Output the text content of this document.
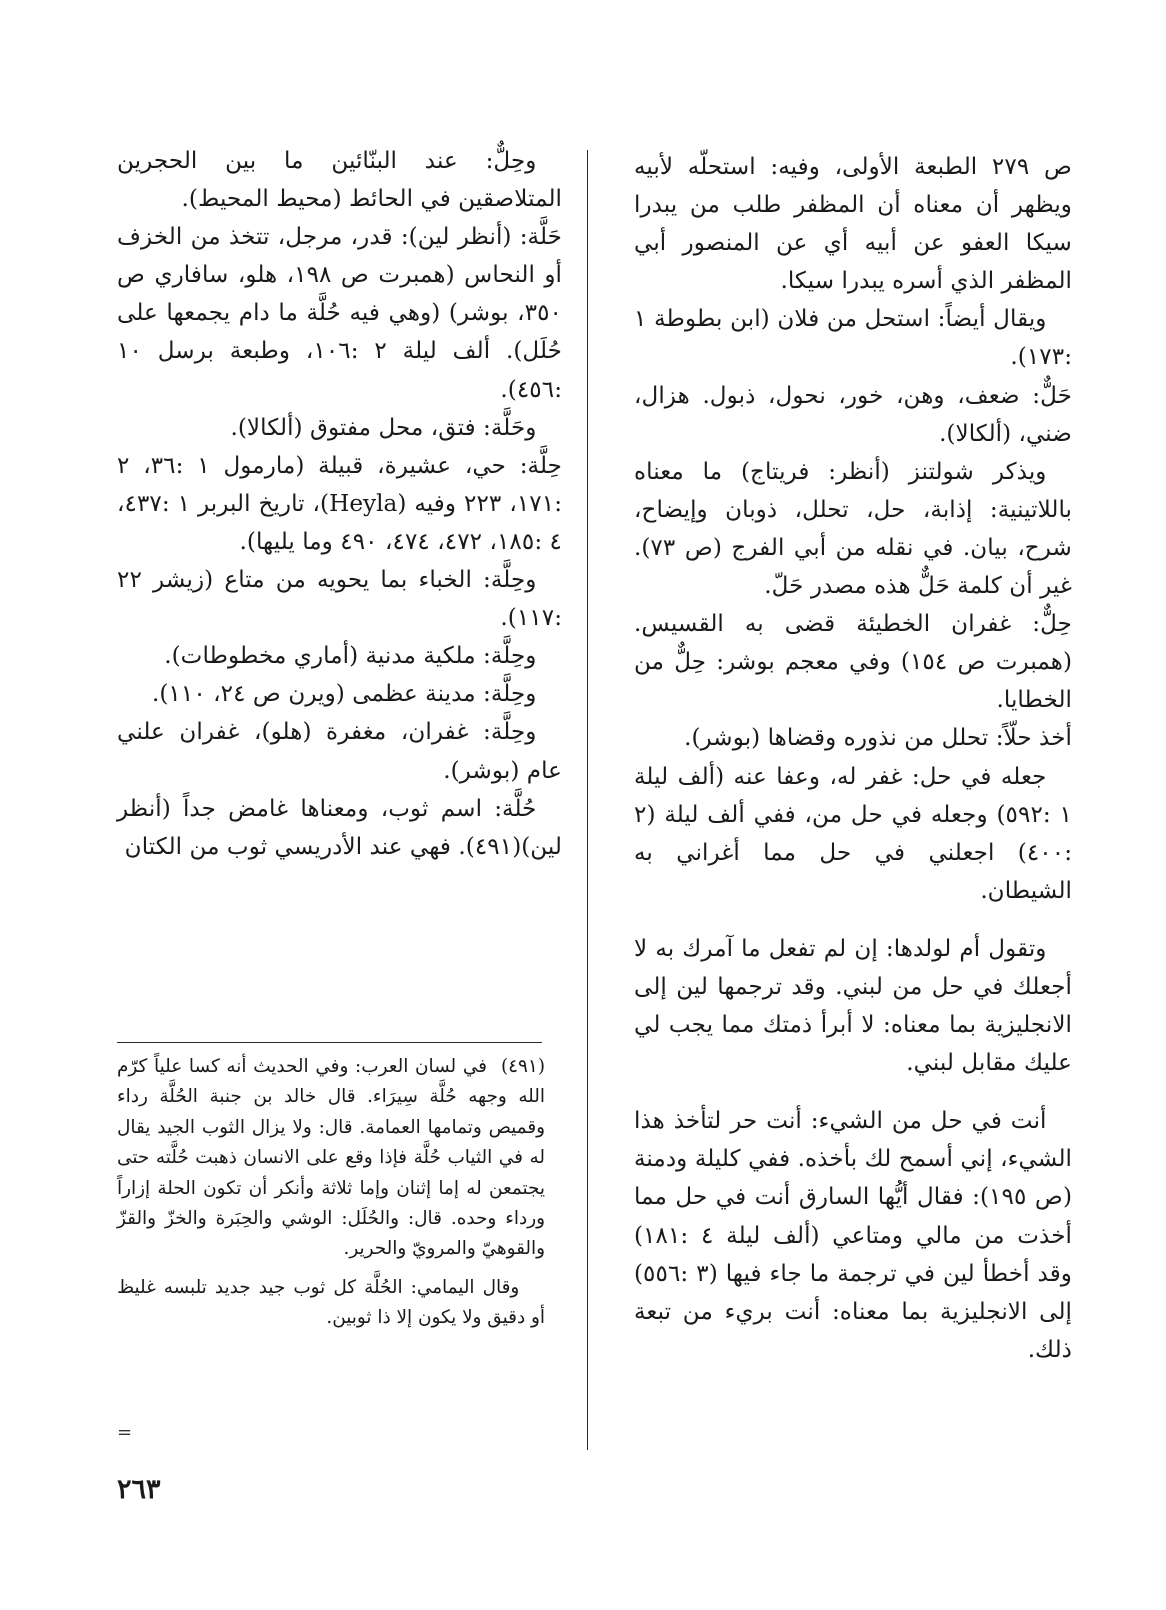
ص ٢٧٩ الطبعة الأولى، وفيه: استحلّه لأبيه ويظهر أن معناه أن المظفر طلب من يبدرا سيكا العفو عن أبيه أي عن المنصور أبي المظفر الذي أسره يبدرا سيكا.

ويقال أيضاً: استحل من فلان (ابن بطوطة ١ :١٧٣).

حَلٌّ: ضعف، وهن، خور، نحول، ذبول. هزال، ضني، (ألكالا).

ويذكر شولتنز (أنظر: فريتاج) ما معناه باللاتينية: إذابة، حل، تحلل، ذوبان وإيضاح، شرح، بيان. في نقله من أبي الفرج (ص ٧٣). غير أن كلمة حَلٌّ هذه مصدر حَلّ.

حِلٌّ: غفران الخطيئة قضى به القسيس. (همبرت ص ١٥٤) وفي معجم بوشر: حِلٌّ من الخطايا.

أخذ حلّاً: تحلل من نذوره وقضاها (بوشر).

جعله في حل: غفر له، وعفا عنه (ألف ليلة ١ :٥٩٢) وجعله في حل من، ففي ألف ليلة (٢ :٤٠٠) اجعلني في حل مما أغراني به الشيطان.

وتقول أم لولدها: إن لم تفعل ما آمرك به لا أجعلك في حل من لبني. وقد ترجمها لين إلى الانجليزية بما معناه: لا أبرأ ذمتك مما يجب لي عليك مقابل لبني.

أنت في حل من الشيء: أنت حر لتأخذ هذا الشيء، إني أسمح لك بأخذه. ففي كليلة ودمنة (ص ١٩٥): فقال أيُّها السارق أنت في حل مما أخذت من مالي ومتاعي (ألف ليلة ٤ :١٨١) وقد أخطأ لين في ترجمة ما جاء فيها (٣ :٥٥٦) إلى الانجليزية بما معناه: أنت بريء من تبعة ذلك.

وحِلٌّ: عند البنّائين ما بين الحجرين المتلاصقين في الحائط (محيط المحيط).

حَلَّة: (أنظر لين): قدر، مرجل، تتخذ من الخزف أو النحاس (همبرت ص ١٩٨، هلو، سافاري ص ٣٥٠، بوشر) (وهي فيه حُلَّة ما دام يجمعها على حُلَل). ألف ليلة ٢ :١٠٦، وطبعة برسل ١٠ :٤٥٦).

وحَلَّة: فتق، محل مفتوق (ألكالا).

حِلَّة: حي، عشيرة، قبيلة (مارمول ١ :٣٦، ٢ :١٧١، ٢٢٣ وفيه (Heyla)، تاريخ البربر ١ :٤٣٧، ٤ :١٨٥، ٤٧٢، ٤٧٤، ٤٩٠ وما يليها).

وحِلَّة: الخباء بما يحويه من متاع (زيشر ٢٢ :١١٧).

وحِلَّة: ملكية مدنية (أماري مخطوطات).

وحِلَّة: مدينة عظمى (ويرن ص ٢٤، ١١٠).

وحِلَّة: غفران، مغفرة (هلو)، غفران علني عام (بوشر).

حُلَّة: اسم ثوب، ومعناها غامض جداً (أنظر لين)(٤٩١). فهي عند الأدريسي ثوب من الكتان

(٤٩١)في لسان العرب: وفي الحديث أنه كسا علياً كرّم الله وجهه حُلَّة سِيرَاء. قال خالد بن جنبة الحُلَّة رداء وقميص وتمامها العمامة. قال: ولا يزال الثوب الجيد يقال له في الثياب حُلَّة فإذا وقع على الانسان ذهبت حُلَّته حتى يجتمعن له إما إثنان وإما ثلاثة وأنكر أن تكون الحلة إزاراً ورداء وحده. قال: والحُلَل: الوشي والحِبَرة والخزّ والقزّ والقوهيّ والمرويّ والحرير.

وقال اليمامي: الحُلَّة كل ثوب جيد جديد تلبسه غليظ أو دقيق ولا يكون إلا ذا ثوبين.

=
٢٦٣
